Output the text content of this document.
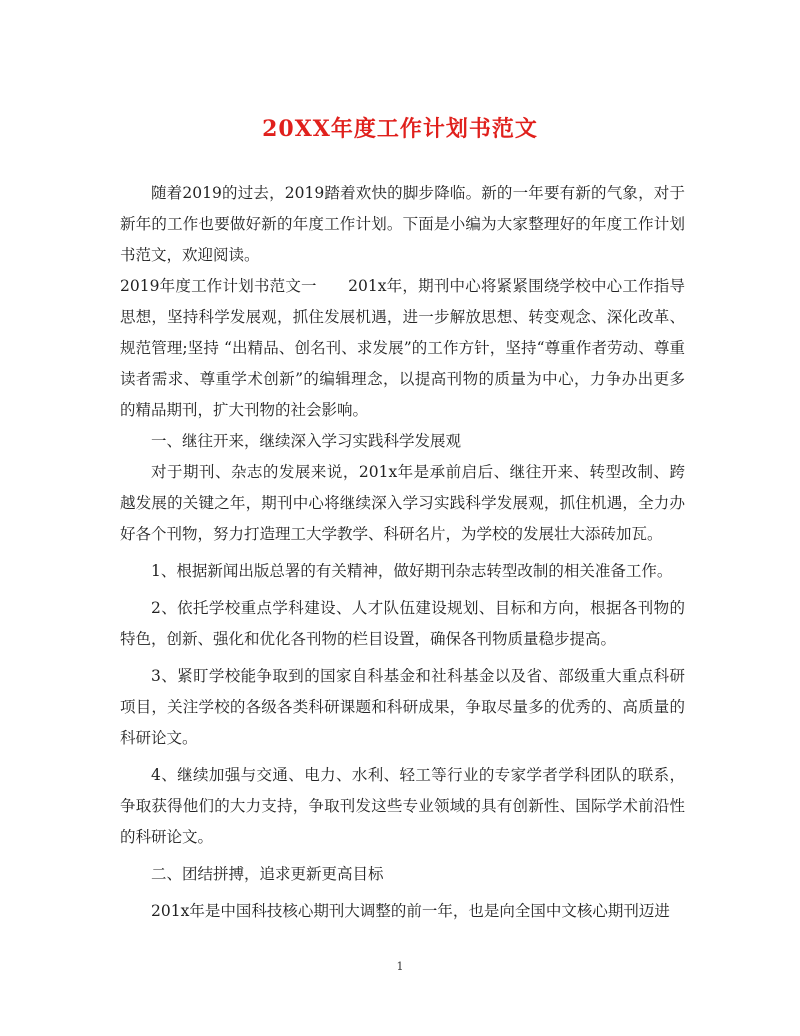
20XX年度工作计划书范文

随着2019的过去，2019踏着欢快的脚步降临。新的一年要有新的气象，对于新年的工作也要做好新的年度工作计划。下面是小编为大家整理好的年度工作计划书范文，欢迎阅读。

2019年度工作计划书范文一　　201x年，期刊中心将紧紧围绕学校中心工作指导思想，坚持科学发展观，抓住发展机遇，进一步解放思想、转变观念、深化改革、规范管理;坚持 “出精品、创名刊、求发展”的工作方针，坚持“尊重作者劳动、尊重读者需求、尊重学术创新”的编辑理念，以提高刊物的质量为中心，力争办出更多的精品期刊，扩大刊物的社会影响。

一、继往开来，继续深入学习实践科学发展观

对于期刊、杂志的发展来说，201x年是承前启后、继往开来、转型改制、跨越发展的关键之年，期刊中心将继续深入学习实践科学发展观，抓住机遇，全力办好各个刊物，努力打造理工大学教学、科研名片，为学校的发展壮大添砖加瓦。

1、根据新闻出版总署的有关精神，做好期刊杂志转型改制的相关准备工作。

2、依托学校重点学科建设、人才队伍建设规划、目标和方向，根据各刊物的特色，创新、强化和优化各刊物的栏目设置，确保各刊物质量稳步提高。

3、紧盯学校能争取到的国家自科基金和社科基金以及省、部级重大重点科研项目，关注学校的各级各类科研课题和科研成果，争取尽量多的优秀的、高质量的科研论文。

4、继续加强与交通、电力、水利、轻工等行业的专家学者学科团队的联系，争取获得他们的大力支持，争取刊发这些专业领域的具有创新性、国际学术前沿性的科研论文。

二、团结拼搏，追求更新更高目标

201x年是中国科技核心期刊大调整的前一年，也是向全国中文核心期刊迈进

1
